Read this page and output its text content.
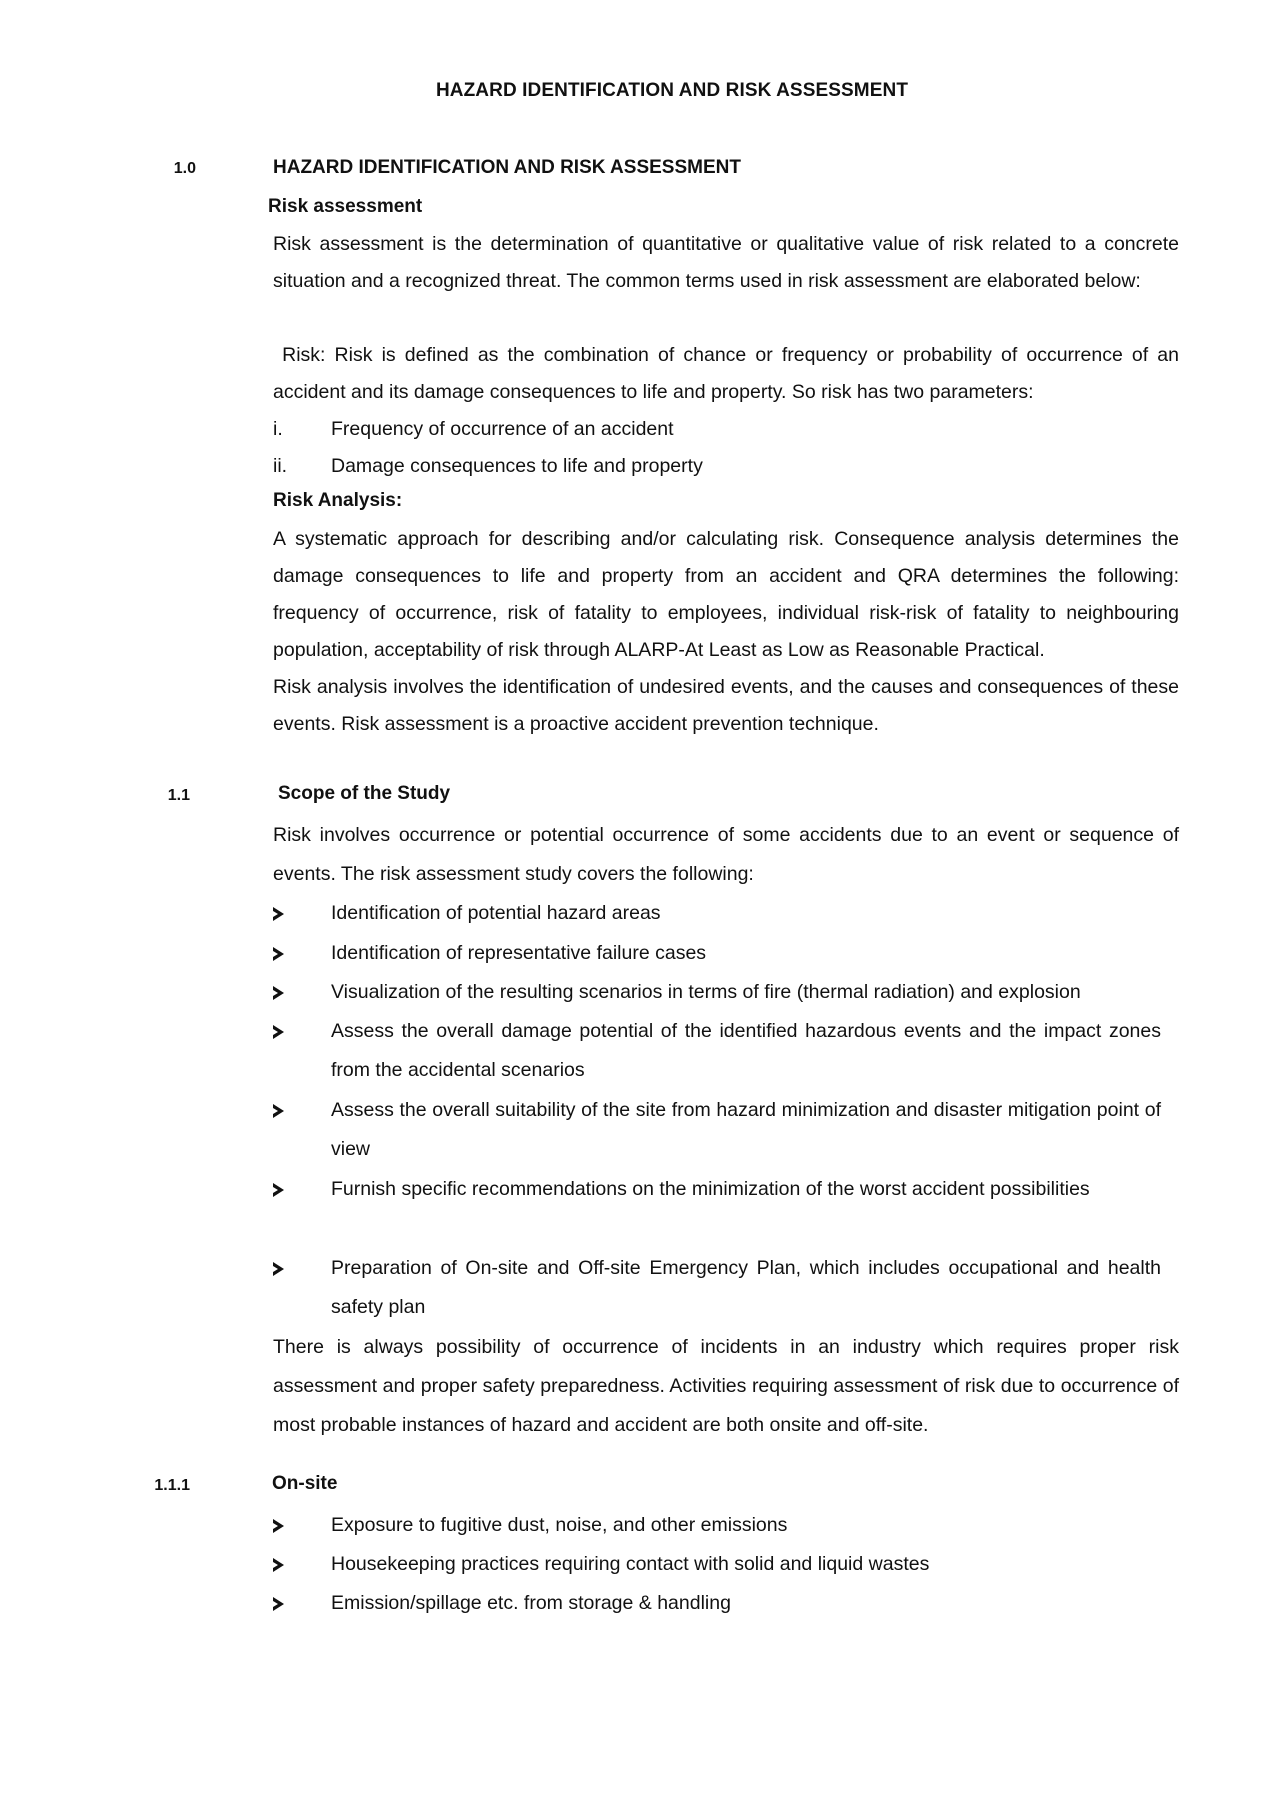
HAZARD IDENTIFICATION AND RISK ASSESSMENT
1.0	HAZARD IDENTIFICATION AND RISK ASSESSMENT
Risk assessment

Risk assessment is the determination of quantitative or qualitative value of risk related to a concrete situation and a recognized threat. The common terms used in risk assessment are elaborated below:

Risk: Risk is defined as the combination of chance or frequency or probability of occurrence of an accident and its damage consequences to life and property. So risk has two parameters:

i.	Frequency of occurrence of an accident
ii.	Damage consequences to life and property
Risk Analysis:

A systematic approach for describing and/or calculating risk. Consequence analysis determines the damage consequences to life and property from an accident and QRA determines the following: frequency of occurrence, risk of fatality to employees, individual risk-risk of fatality to neighbouring population, acceptability of risk through ALARP-At Least as Low as Reasonable Practical.

Risk analysis involves the identification of undesired events, and the causes and consequences of these events. Risk assessment is a proactive accident prevention technique.

1.1	Scope of the Study

Risk involves occurrence or potential occurrence of some accidents due to an event or sequence of events. The risk assessment study covers the following:

Identification of potential hazard areas
Identification of representative failure cases
Visualization of the resulting scenarios in terms of fire (thermal radiation) and explosion
Assess the overall damage potential of the identified hazardous events and the impact zones from the accidental scenarios
Assess the overall suitability of the site from hazard minimization and disaster mitigation point of view
Furnish specific recommendations on the minimization of the worst accident possibilities
Preparation of On-site and Off-site Emergency Plan, which includes occupational and health safety plan

There is always possibility of occurrence of incidents in an industry which requires proper risk assessment and proper safety preparedness. Activities requiring assessment of risk due to occurrence of most probable instances of hazard and accident are both onsite and off-site.

1.1.1	On-site
Exposure to fugitive dust, noise, and other emissions
Housekeeping practices requiring contact with solid and liquid wastes
Emission/spillage etc. from storage & handling
